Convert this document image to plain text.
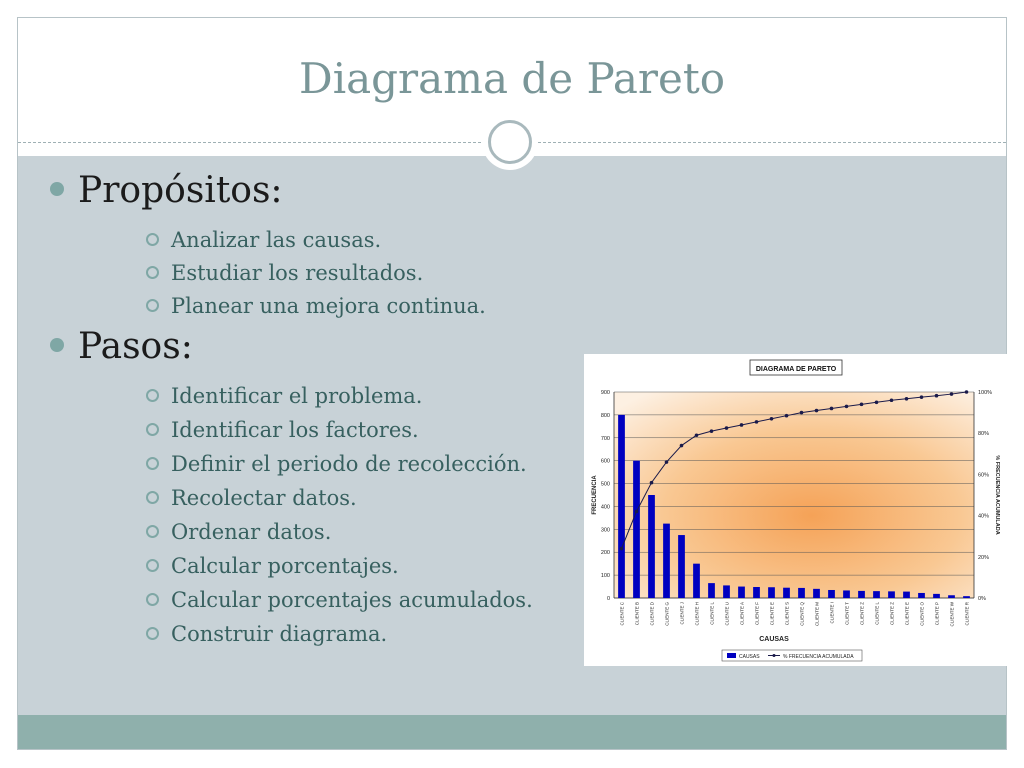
Diagrama de Pareto
Propósitos:
Analizar las causas.
Estudiar los resultados.
Planear una mejora continua.
Pasos:
Identificar el problema.
Identificar los factores.
Definir el periodo de recolección.
Recolectar datos.
Ordenar datos.
Calcular porcentajes.
Calcular porcentajes acumulados.
Construir diagrama.
DIAGRAMA DE PARETO
0
100
200
300
400
500
600
700
800
900
0%
20%
40%
60%
80%
100%
FRECUENCIA	% FRECUENCIA ACUMULADA
CAUSAS
CLIENTE C CLIENTE B CLIENTE D CLIENTE G CLIENTE J CLIENTE H CLIENTE L CLIENTE U CLIENTE A CLIENTE F CLIENTE E CLIENTE S CLIENTE Q CLIENTE M CLIENTE I CLIENTE T CLIENTE Z CLIENTE L CLIENTE Z CLIENTE E CLIENTE O CLIENTE P CLIENTE W CLIENTE R
CAUSAS	% FRECUENCIA ACUMULADA
